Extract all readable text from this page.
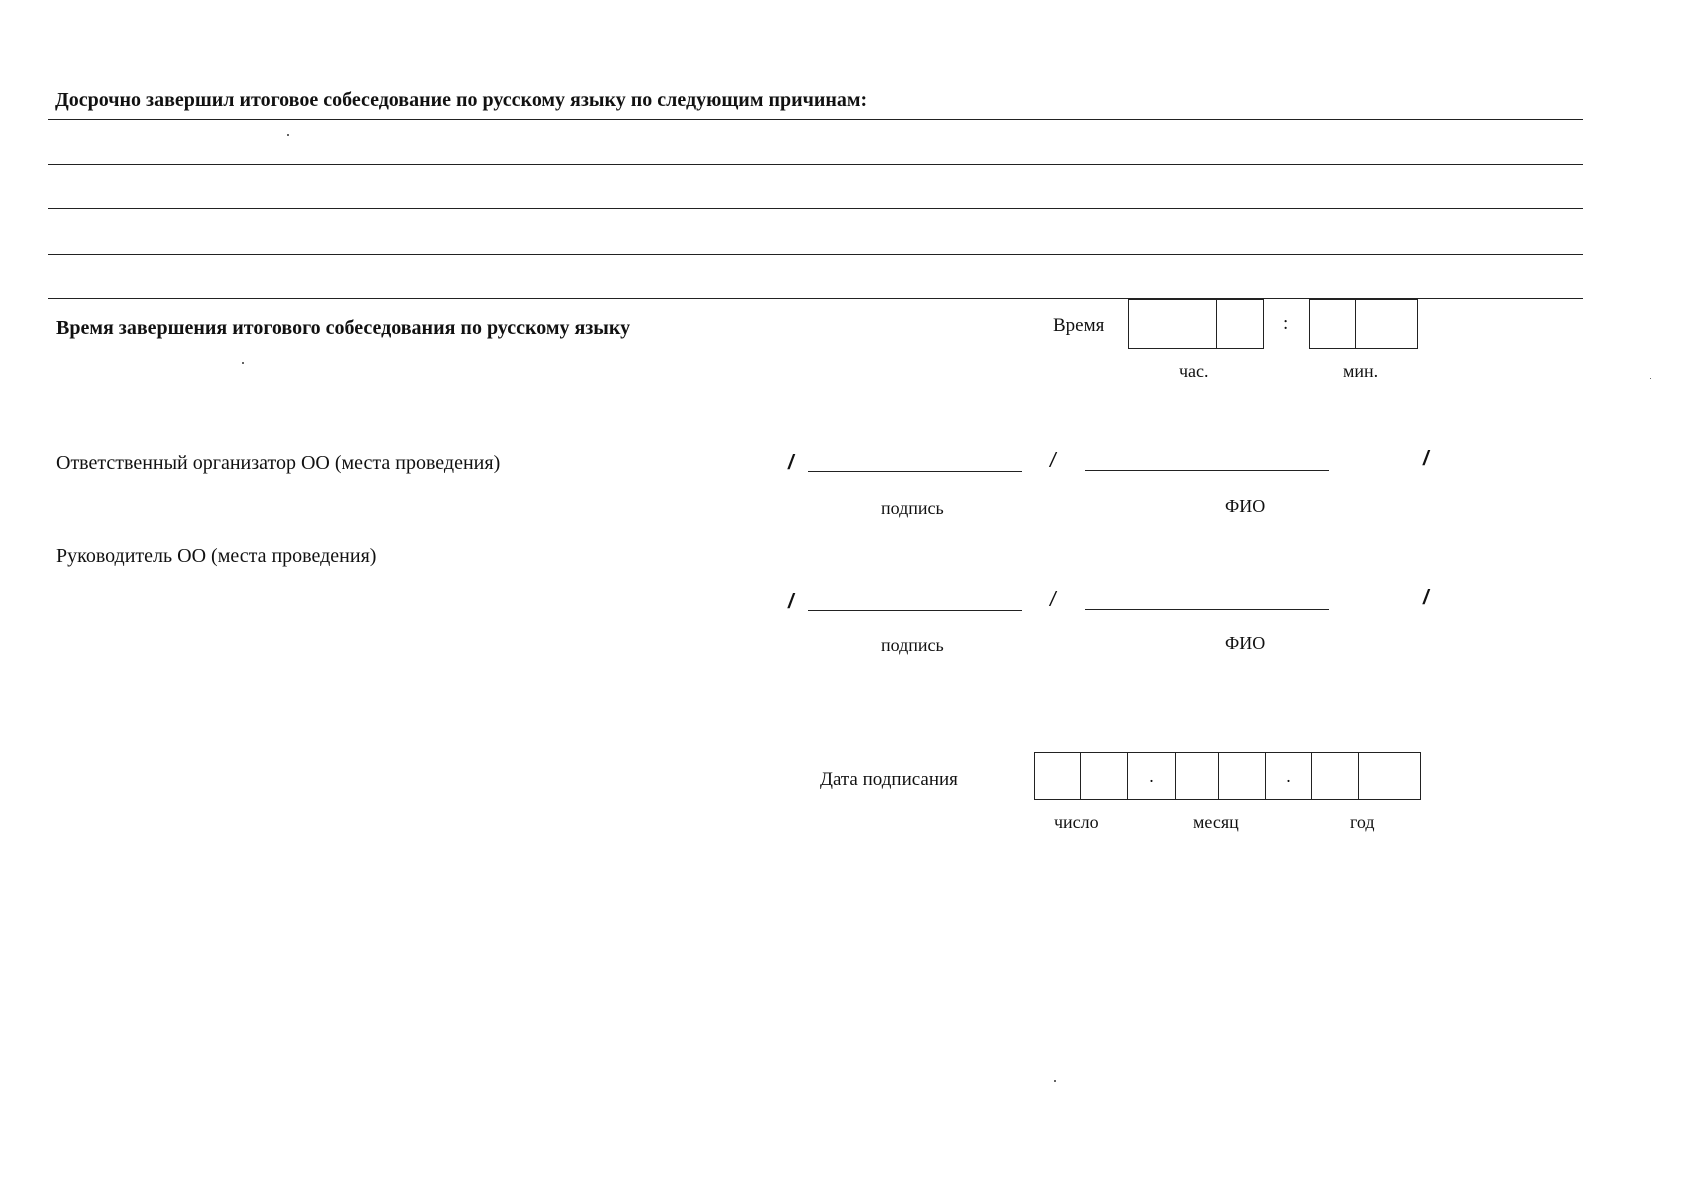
Досрочно завершил итоговое собеседование по русскому языку по следующим причинам:
Время завершения итогового собеседования по русскому языку	Время	:
час.	мин.
Ответственный организатор ОО (места проведения)	/	/	/
подпись	ФИО
Руководитель ОО (места проведения)
/	/	/
подпись	ФИО
Дата подписания	.	.
число	месяц	год
